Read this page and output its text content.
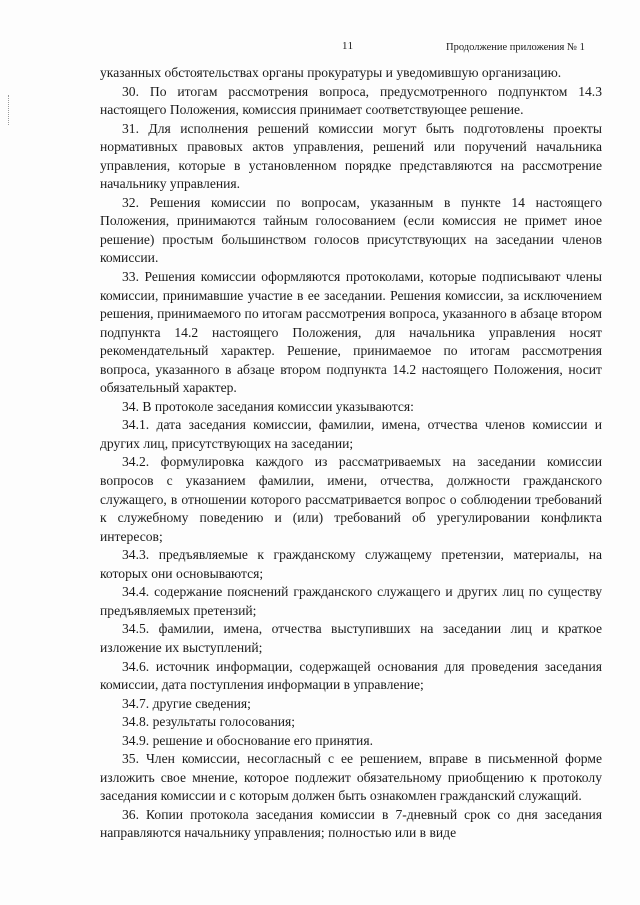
11	Продолжение приложения № 1

указанных обстоятельствах органы прокуратуры и уведомившую организацию.

30. По итогам рассмотрения вопроса, предусмотренного подпунктом 14.3 настоящего Положения, комиссия принимает соответствующее решение.

31. Для исполнения решений комиссии могут быть подготовлены проекты нормативных правовых актов управления, решений или поручений начальника управления, которые в установленном порядке представляются на рассмотрение начальнику управления.

32. Решения комиссии по вопросам, указанным в пункте 14 настоящего Положения, принимаются тайным голосованием (если комиссия не примет иное решение) простым большинством голосов присутствующих на заседании членов комиссии.

33. Решения комиссии оформляются протоколами, которые подписывают члены комиссии, принимавшие участие в ее заседании. Решения комиссии, за исключением решения, принимаемого по итогам рассмотрения вопроса, указанного в абзаце втором подпункта 14.2 настоящего Положения, для начальника управления носят рекомендательный характер. Решение, принимаемое по итогам рассмотрения вопроса, указанного в абзаце втором подпункта 14.2 настоящего Положения, носит обязательный характер.

34. В протоколе заседания комиссии указываются:

34.1. дата заседания комиссии, фамилии, имена, отчества членов комиссии и других лиц, присутствующих на заседании;

34.2. формулировка каждого из рассматриваемых на заседании комиссии вопросов с указанием фамилии, имени, отчества, должности гражданского служащего, в отношении которого рассматривается вопрос о соблюдении требований к служебному поведению и (или) требований об урегулировании конфликта интересов;

34.3. предъявляемые к гражданскому служащему претензии, материалы, на которых они основываются;

34.4. содержание пояснений гражданского служащего и других лиц по существу предъявляемых претензий;

34.5. фамилии, имена, отчества выступивших на заседании лиц и краткое изложение их выступлений;

34.6. источник информации, содержащей основания для проведения заседания комиссии, дата поступления информации в управление;

34.7. другие сведения;

34.8. результаты голосования;

34.9. решение и обоснование его принятия.

35. Член комиссии, несогласный с ее решением, вправе в письменной форме изложить свое мнение, которое подлежит обязательному приобщению к протоколу заседания комиссии и с которым должен быть ознакомлен гражданский служащий.

36. Копии протокола заседания комиссии в 7-дневный срок со дня заседания направляются начальнику управления; полностью или в виде
